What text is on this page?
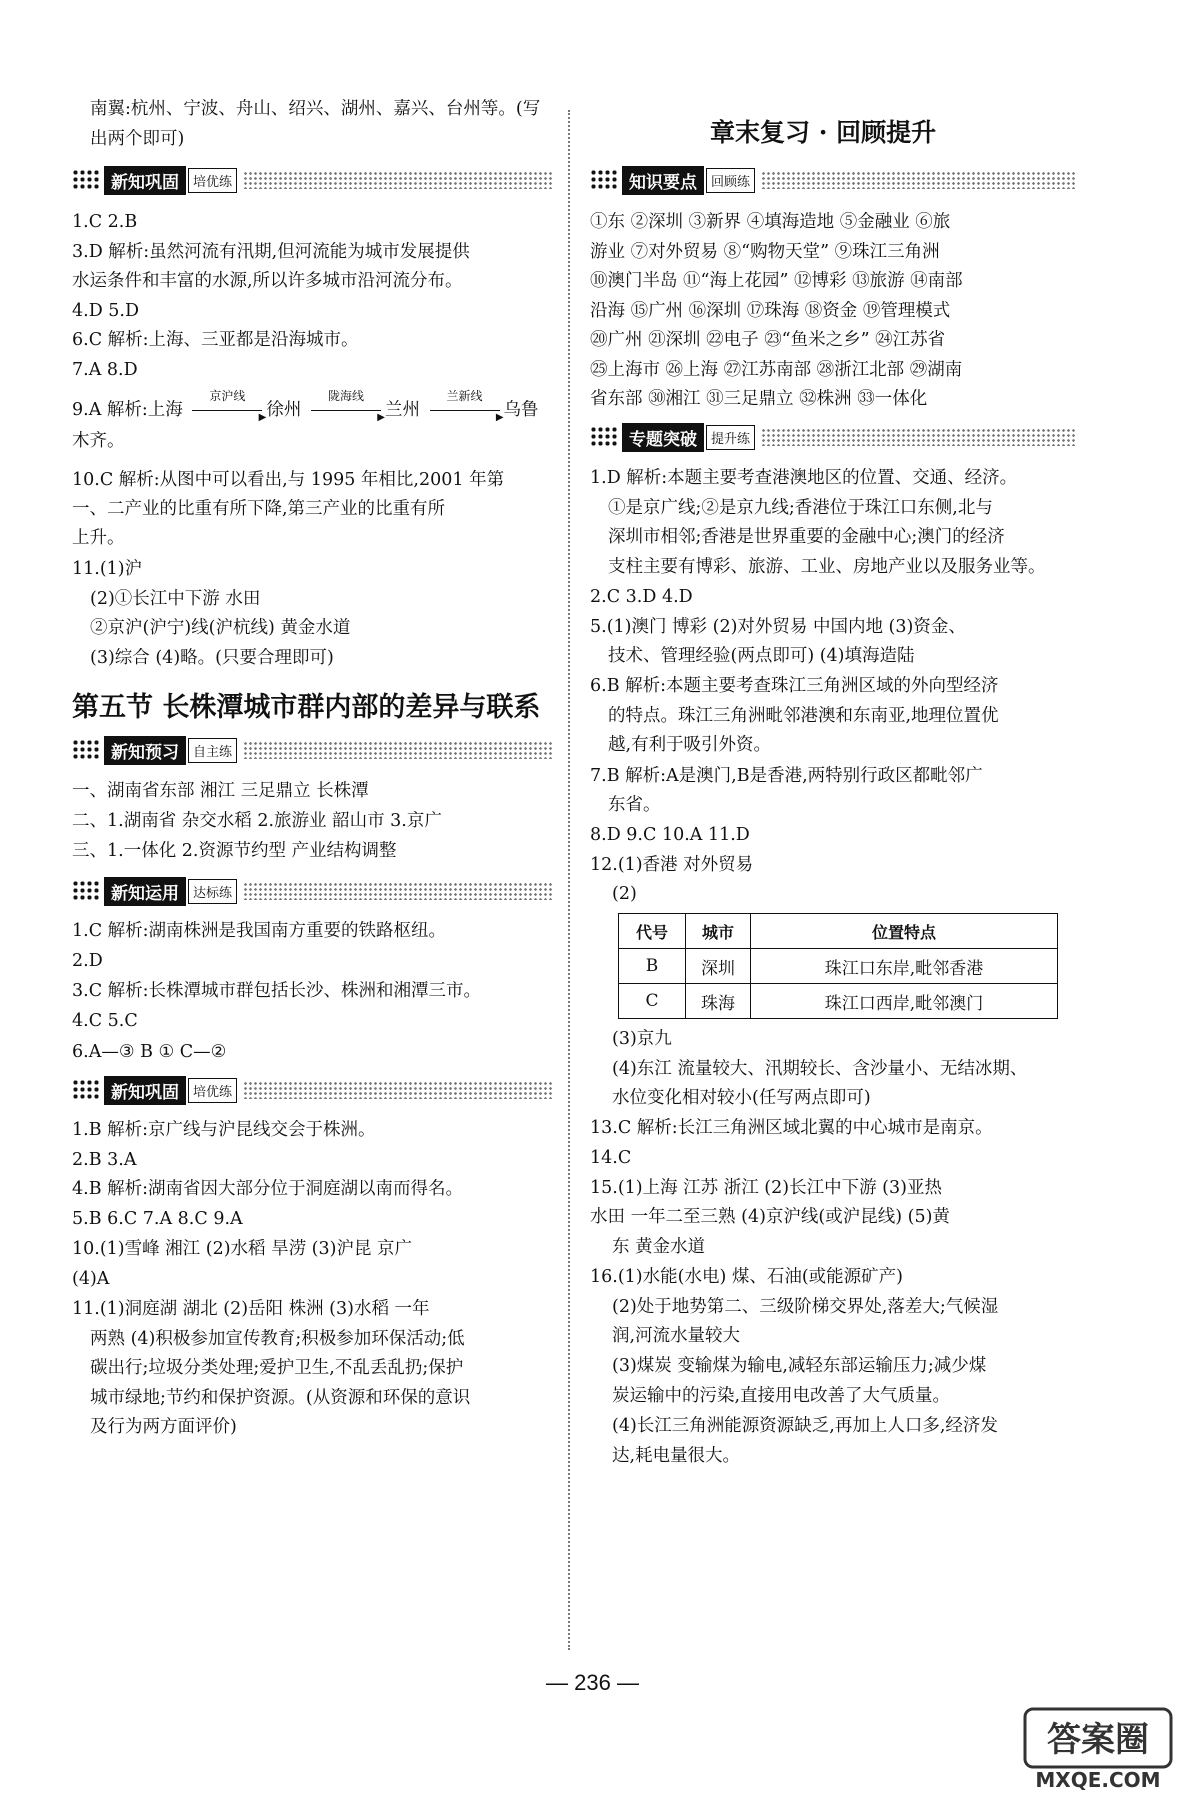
南翼:杭州、宁波、舟山、绍兴、湖州、嘉兴、台州等。(写
出两个即可)
新知巩固	培优练
1.C 2.B
3.D 解析:虽然河流有汛期,但河流能为城市发展提供
水运条件和丰富的水源,所以许多城市沿河流分布。
4.D 5.D
6.C 解析:上海、三亚都是沿海城市。
7.A 8.D
9.A 解析:上海
京沪线
▶ 徐州
陇海线
▶ 兰州
兰新线
▶ 乌鲁
木齐。
10.C 解析:从图中可以看出,与 1995 年相比,2001 年第
一、二产业的比重有所下降,第三产业的比重有所
上升。
11.(1)沪
(2)①长江中下游 水田
②京沪(沪宁)线(沪杭线) 黄金水道
(3)综合 (4)略。(只要合理即可)
第五节 长株潭城市群内部的差异与联系
新知预习	自主练
一、湖南省东部 湘江 三足鼎立 长株潭
二、1.湖南省 杂交水稻 2.旅游业 韶山市 3.京广
三、1.一体化 2.资源节约型 产业结构调整
新知运用	达标练
1.C 解析:湖南株洲是我国南方重要的铁路枢纽。
2.D
3.C 解析:长株潭城市群包括长沙、株洲和湘潭三市。
4.C 5.C
6.A—③ B ① C—②
新知巩固	培优练
1.B 解析:京广线与沪昆线交会于株洲。
2.B 3.A
4.B 解析:湖南省因大部分位于洞庭湖以南而得名。
5.B 6.C 7.A 8.C 9.A
10.(1)雪峰 湘江 (2)水稻 旱涝 (3)沪昆 京广
(4)A
11.(1)洞庭湖 湖北 (2)岳阳 株洲 (3)水稻 一年
两熟 (4)积极参加宣传教育;积极参加环保活动;低
碳出行;垃圾分类处理;爱护卫生,不乱丢乱扔;保护
城市绿地;节约和保护资源。(从资源和环保的意识
及行为两方面评价)
章末复习 · 回顾提升
知识要点	回顾练
①东 ②深圳 ③新界 ④填海造地 ⑤金融业 ⑥旅
游业 ⑦对外贸易 ⑧“购物天堂” ⑨珠江三角洲
⑩澳门半岛 ⑪“海上花园” ⑫博彩 ⑬旅游 ⑭南部
沿海 ⑮广州 ⑯深圳 ⑰珠海 ⑱资金 ⑲管理模式
⑳广州 ㉑深圳 ㉒电子 ㉓“鱼米之乡” ㉔江苏省
㉕上海市 ㉖上海 ㉗江苏南部 ㉘浙江北部 ㉙湖南
省东部 ㉚湘江 ㉛三足鼎立 ㉜株洲 ㉝一体化
专题突破	提升练
1.D 解析:本题主要考查港澳地区的位置、交通、经济。
①是京广线;②是京九线;香港位于珠江口东侧,北与
深圳市相邻;香港是世界重要的金融中心;澳门的经济
支柱主要有博彩、旅游、工业、房地产业以及服务业等。
2.C 3.D 4.D
5.(1)澳门 博彩 (2)对外贸易 中国内地 (3)资金、
技术、管理经验(两点即可) (4)填海造陆
6.B 解析:本题主要考查珠江三角洲区域的外向型经济
的特点。珠江三角洲毗邻港澳和东南亚,地理位置优
越,有利于吸引外资。
7.B 解析:A是澳门,B是香港,两特别行政区都毗邻广
东省。
8.D 9.C 10.A 11.D
12.(1)香港 对外贸易
(2)
代号	城市	位置特点
B	深圳	珠江口东岸,毗邻香港
C	珠海	珠江口西岸,毗邻澳门
(3)京九
(4)东江 流量较大、汛期较长、含沙量小、无结冰期、
水位变化相对较小(任写两点即可)
13.C 解析:长江三角洲区域北翼的中心城市是南京。
14.C
15.(1)上海 江苏 浙江 (2)长江中下游 (3)亚热
水田 一年二至三熟 (4)京沪线(或沪昆线) (5)黄
东 黄金水道
16.(1)水能(水电) 煤、石油(或能源矿产)
(2)处于地势第二、三级阶梯交界处,落差大;气候湿
润,河流水量较大
(3)煤炭 变输煤为输电,减轻东部运输压力;减少煤
炭运输中的污染,直接用电改善了大气质量。
(4)长江三角洲能源资源缺乏,再加上人口多,经济发
达,耗电量很大。
— 236 —
答案圈
MXQE.COM
